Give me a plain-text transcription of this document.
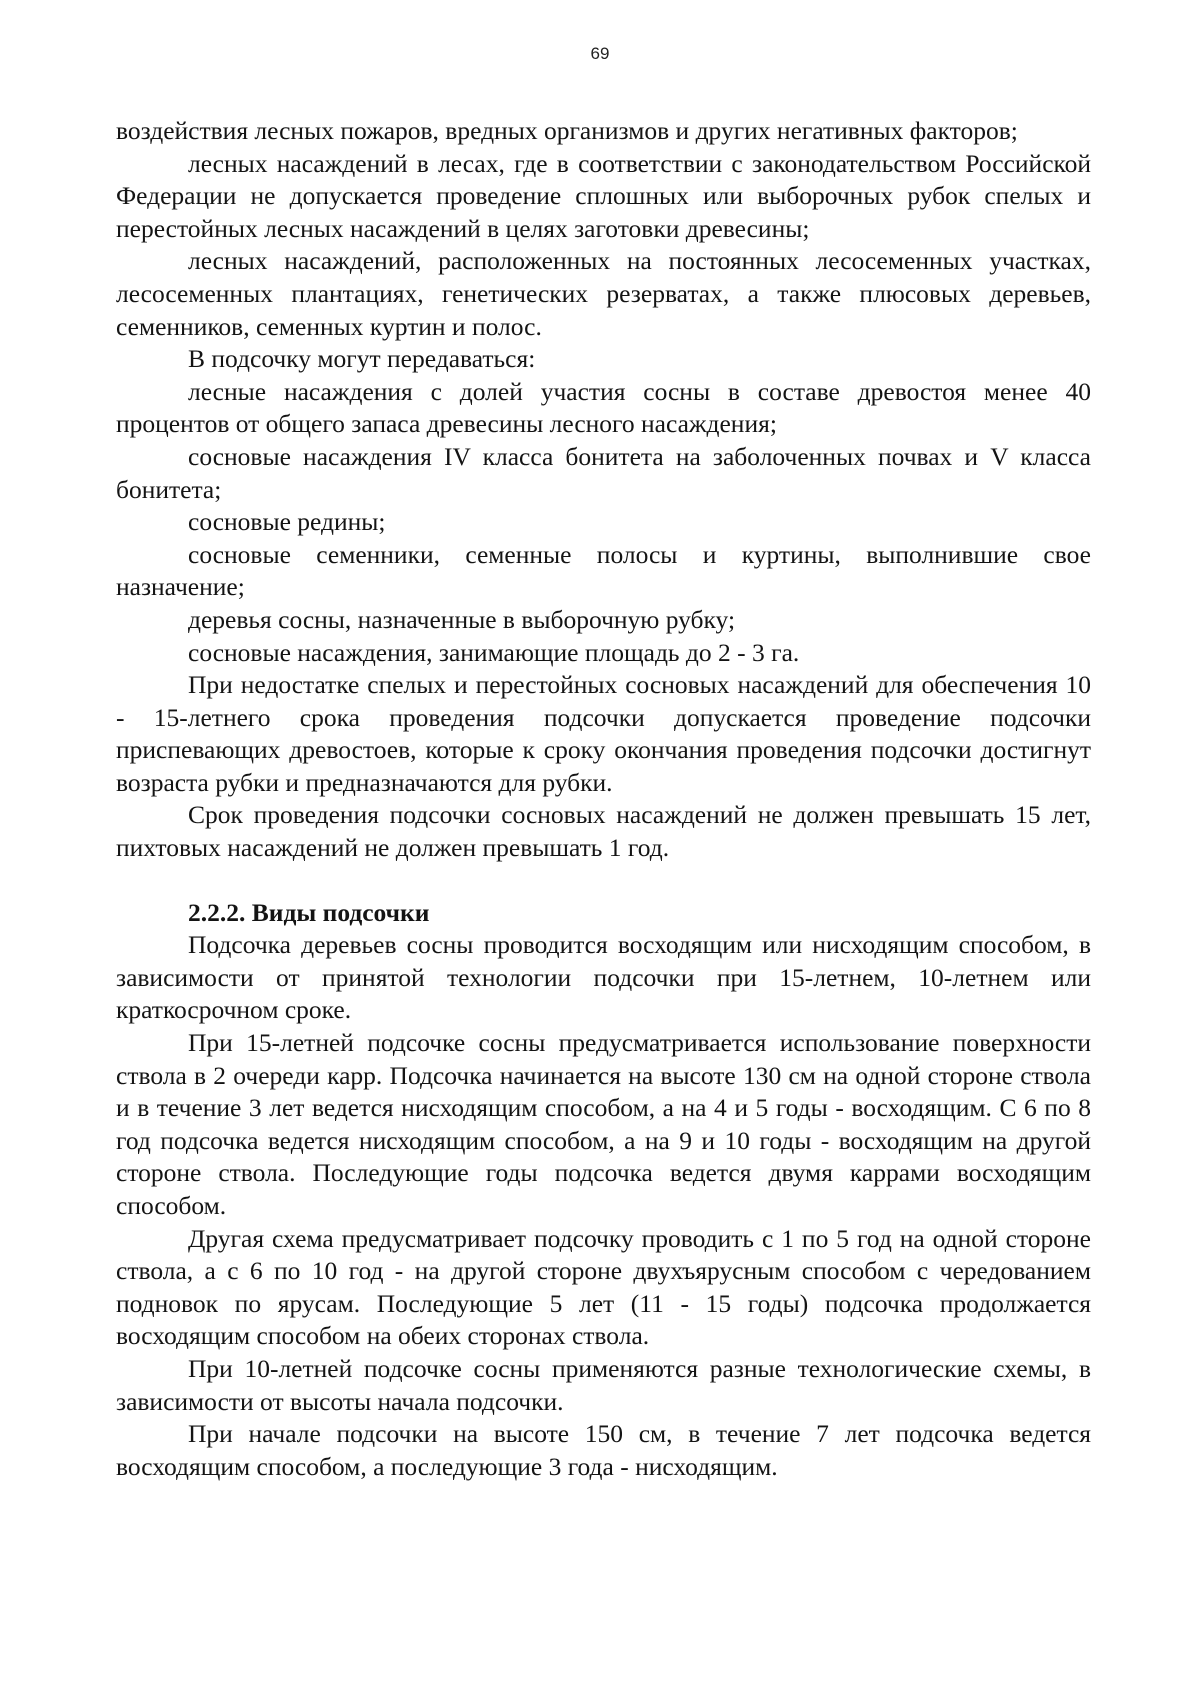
69

воздействия лесных пожаров, вредных организмов и других негативных факторов;

лесных насаждений в лесах, где в соответствии с законодательством Российской Федерации не допускается проведение сплошных или выборочных рубок спелых и перестойных лесных насаждений в целях заготовки древесины;

лесных насаждений, расположенных на постоянных лесосеменных участках, лесосеменных плантациях, генетических резерватах, а также плюсовых деревьев, семенников, семенных куртин и полос.

В подсочку могут передаваться:

лесные насаждения с долей участия сосны в составе древостоя менее 40 процентов от общего запаса древесины лесного насаждения;

сосновые насаждения IV класса бонитета на заболоченных почвах и V класса бонитета;

сосновые редины;

сосновые семенники, семенные полосы и куртины, выполнившие свое назначение;

деревья сосны, назначенные в выборочную рубку;

сосновые насаждения, занимающие площадь до 2 - 3 га.

При недостатке спелых и перестойных сосновых насаждений для обеспечения 10 - 15-летнего срока проведения подсочки допускается проведение подсочки приспевающих древостоев, которые к сроку окончания проведения подсочки достигнут возраста рубки и предназначаются для рубки.

Срок проведения подсочки сосновых насаждений не должен превышать 15 лет, пихтовых насаждений не должен превышать 1 год.

2.2.2. Виды подсочки

Подсочка деревьев сосны проводится восходящим или нисходящим способом, в зависимости от принятой технологии подсочки при 15-летнем, 10-летнем или краткосрочном сроке.

При 15-летней подсочке сосны предусматривается использование поверхности ствола в 2 очереди карр. Подсочка начинается на высоте 130 см на одной стороне ствола и в течение 3 лет ведется нисходящим способом, а на 4 и 5 годы - восходящим. С 6 по 8 год подсочка ведется нисходящим способом, а на 9 и 10 годы - восходящим на другой стороне ствола. Последующие годы подсочка ведется двумя каррами восходящим способом.

Другая схема предусматривает подсочку проводить с 1 по 5 год на одной стороне ствола, а с 6 по 10 год - на другой стороне двухъярусным способом с чередованием подновок по ярусам. Последующие 5 лет (11 - 15 годы) подсочка продолжается восходящим способом на обеих сторонах ствола.

При 10-летней подсочке сосны применяются разные технологические схемы, в зависимости от высоты начала подсочки.

При начале подсочки на высоте 150 см, в течение 7 лет подсочка ведется восходящим способом, а последующие 3 года - нисходящим.
